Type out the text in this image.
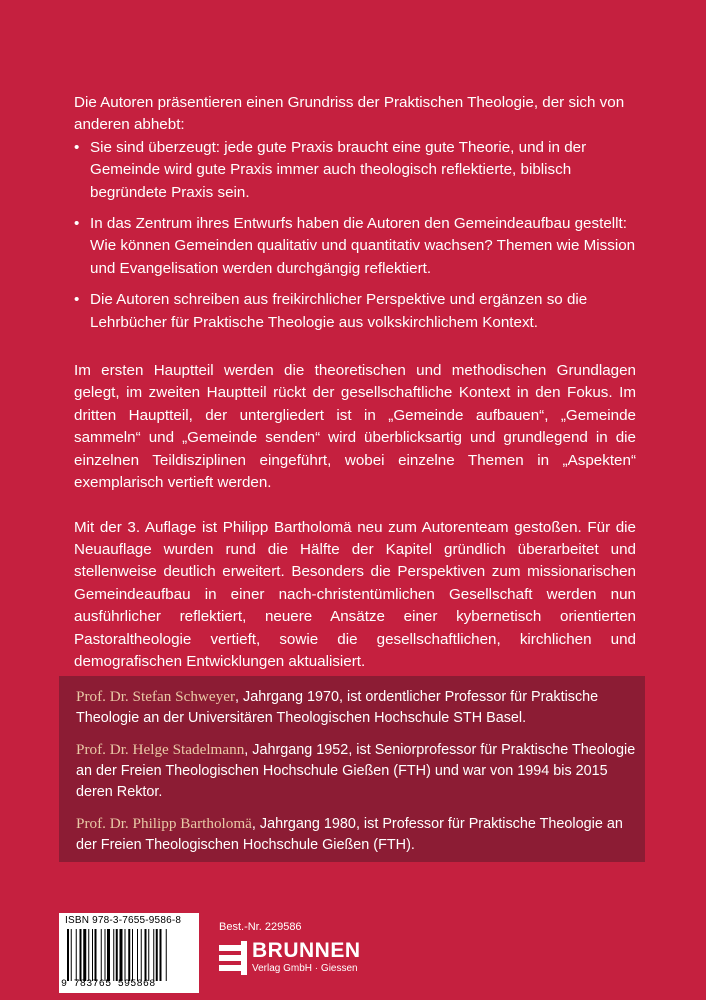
Die Autoren präsentieren einen Grundriss der Praktischen Theologie, der sich von anderen abhebt:

• Sie sind überzeugt: jede gute Praxis braucht eine gute Theorie, und in der Gemeinde wird gute Praxis immer auch theologisch reflektierte, biblisch begründete Praxis sein.
• In das Zentrum ihres Entwurfs haben die Autoren den Gemeindeaufbau gestellt: Wie können Gemeinden qualitativ und quantitativ wachsen? Themen wie Mission und Evangelisation werden durchgängig reflektiert.
• Die Autoren schreiben aus freikirchlicher Perspektive und ergänzen so die Lehrbücher für Praktische Theologie aus volkskirchlichem Kontext.

Im ersten Hauptteil werden die theoretischen und methodischen Grundlagen gelegt, im zweiten Hauptteil rückt der gesellschaftliche Kontext in den Fokus. Im dritten Hauptteil, der untergliedert ist in „Gemeinde aufbauen“, „Gemeinde sammeln“ und „Gemeinde senden“ wird überblicksartig und grundlegend in die einzelnen Teildisziplinen eingeführt, wobei einzelne Themen in „Aspekten“ exemplarisch vertieft werden.

Mit der 3. Auflage ist Philipp Bartholomä neu zum Autorenteam gestoßen. Für die Neuauflage wurden rund die Hälfte der Kapitel gründlich überarbeitet und stellenweise deutlich erweitert. Besonders die Perspektiven zum missionarischen Gemeindeaufbau in einer nach-christentümlichen Gesellschaft werden nun ausführlicher reflektiert, neuere Ansätze einer kybernetisch orientierten Pastoraltheologie vertieft, sowie die gesellschaftlichen, kirchlichen und demografischen Entwicklungen aktualisiert.

Prof. Dr. Stefan Schweyer, Jahrgang 1970, ist ordentlicher Professor für Praktische Theologie an der Universitären Theologischen Hochschule STH Basel.
Prof. Dr. Helge Stadelmann, Jahrgang 1952, ist Seniorprofessor für Praktische Theologie an der Freien Theologischen Hochschule Gießen (FTH) und war von 1994 bis 2015 deren Rektor.
Prof. Dr. Philipp Bartholomä, Jahrgang 1980, ist Professor für Praktische Theologie an der Freien Theologischen Hochschule Gießen (FTH).
ISBN 978-3-7655-9586-8
9 783765 595868
Best.-Nr. 229586
BRUNNEN
Verlag GmbH · Giessen
